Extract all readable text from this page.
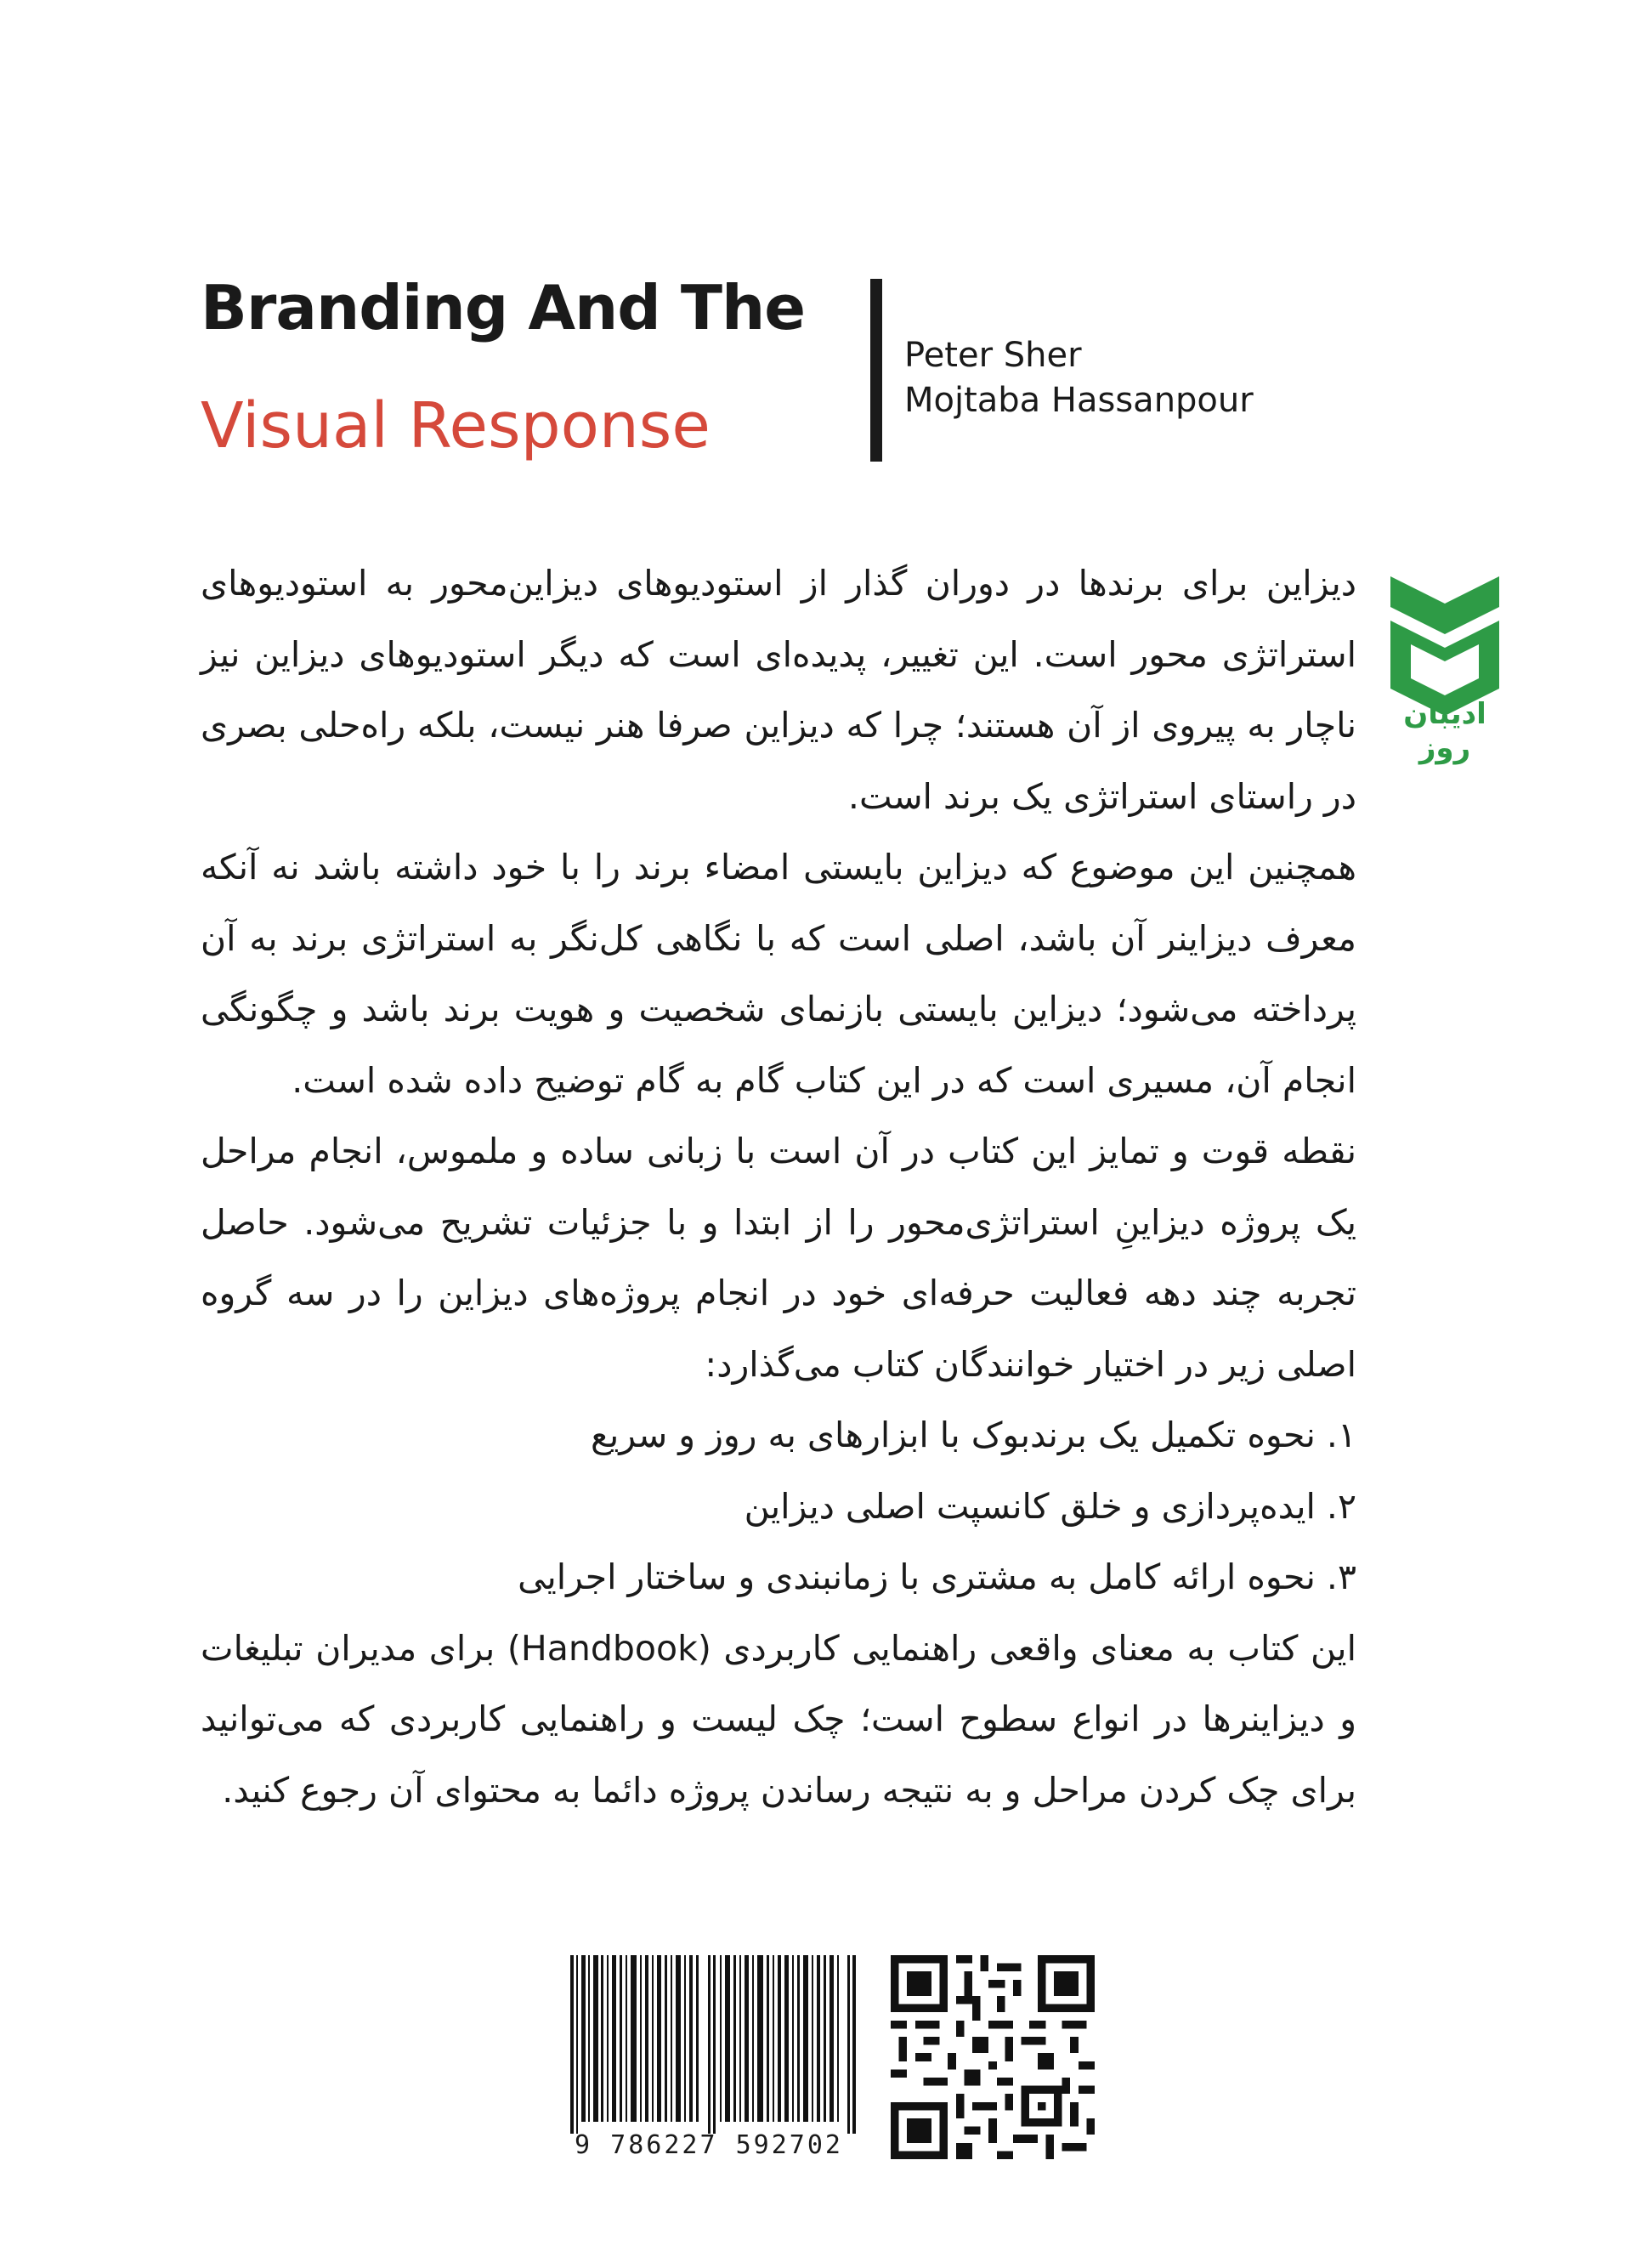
Branding And The
Visual Response
Peter Sher
Mojtaba Hassanpour
ادیبان روز

دیزاین برای برندها در دوران گذار از استودیوهای دیزاین‌محور به استودیوهای استراتژی محور است. این تغییر، پدیده‌ای است که دیگر استودیوهای دیزاین نیز ناچار به پیروی از آن هستند؛ چرا که دیزاین صرفا هنر نیست، بلکه راه‌حلی بصری در راستای استراتژی یک برند است.

همچنین این موضوع که دیزاین بایستی امضاء برند را با خود داشته باشد نه آنکه معرف دیزاینر آن باشد، اصلی است که با نگاهی کل‌نگر به استراتژی برند به آن پرداخته می‌شود؛ دیزاین بایستی بازنمای شخصیت و هویت برند باشد و چگونگی انجام آن، مسیری است که در این کتاب گام به گام توضیح داده شده است.

نقطه قوت و تمایز این کتاب در آن است با زبانی ساده و ملموس، انجام مراحل یک پروژه دیزاینِ استراتژی‌محور را از ابتدا و با جزئیات تشریح می‌شود. حاصل تجربه چند دهه فعالیت حرفه‌ای خود در انجام پروژه‌های دیزاین را در سه گروه اصلی زیر در اختیار خوانندگان کتاب می‌گذارد:

۱. نحوه تکمیل یک برندبوک با ابزارهای به روز و سریع

۲. ایده‌پردازی و خلق کانسپت اصلی دیزاین

۳. نحوه ارائه کامل به مشتری با زمانبندی و ساختار اجرایی

این کتاب به معنای واقعی راهنمایی کاربردی (Handbook) برای مدیران تبلیغات و دیزاینرها در انواع سطوح است؛ چک لیست و راهنمایی کاربردی که می‌توانید برای چک کردن مراحل و به نتیجه رساندن پروژه دائما به محتوای آن رجوع کنید.

9 786227 592702
